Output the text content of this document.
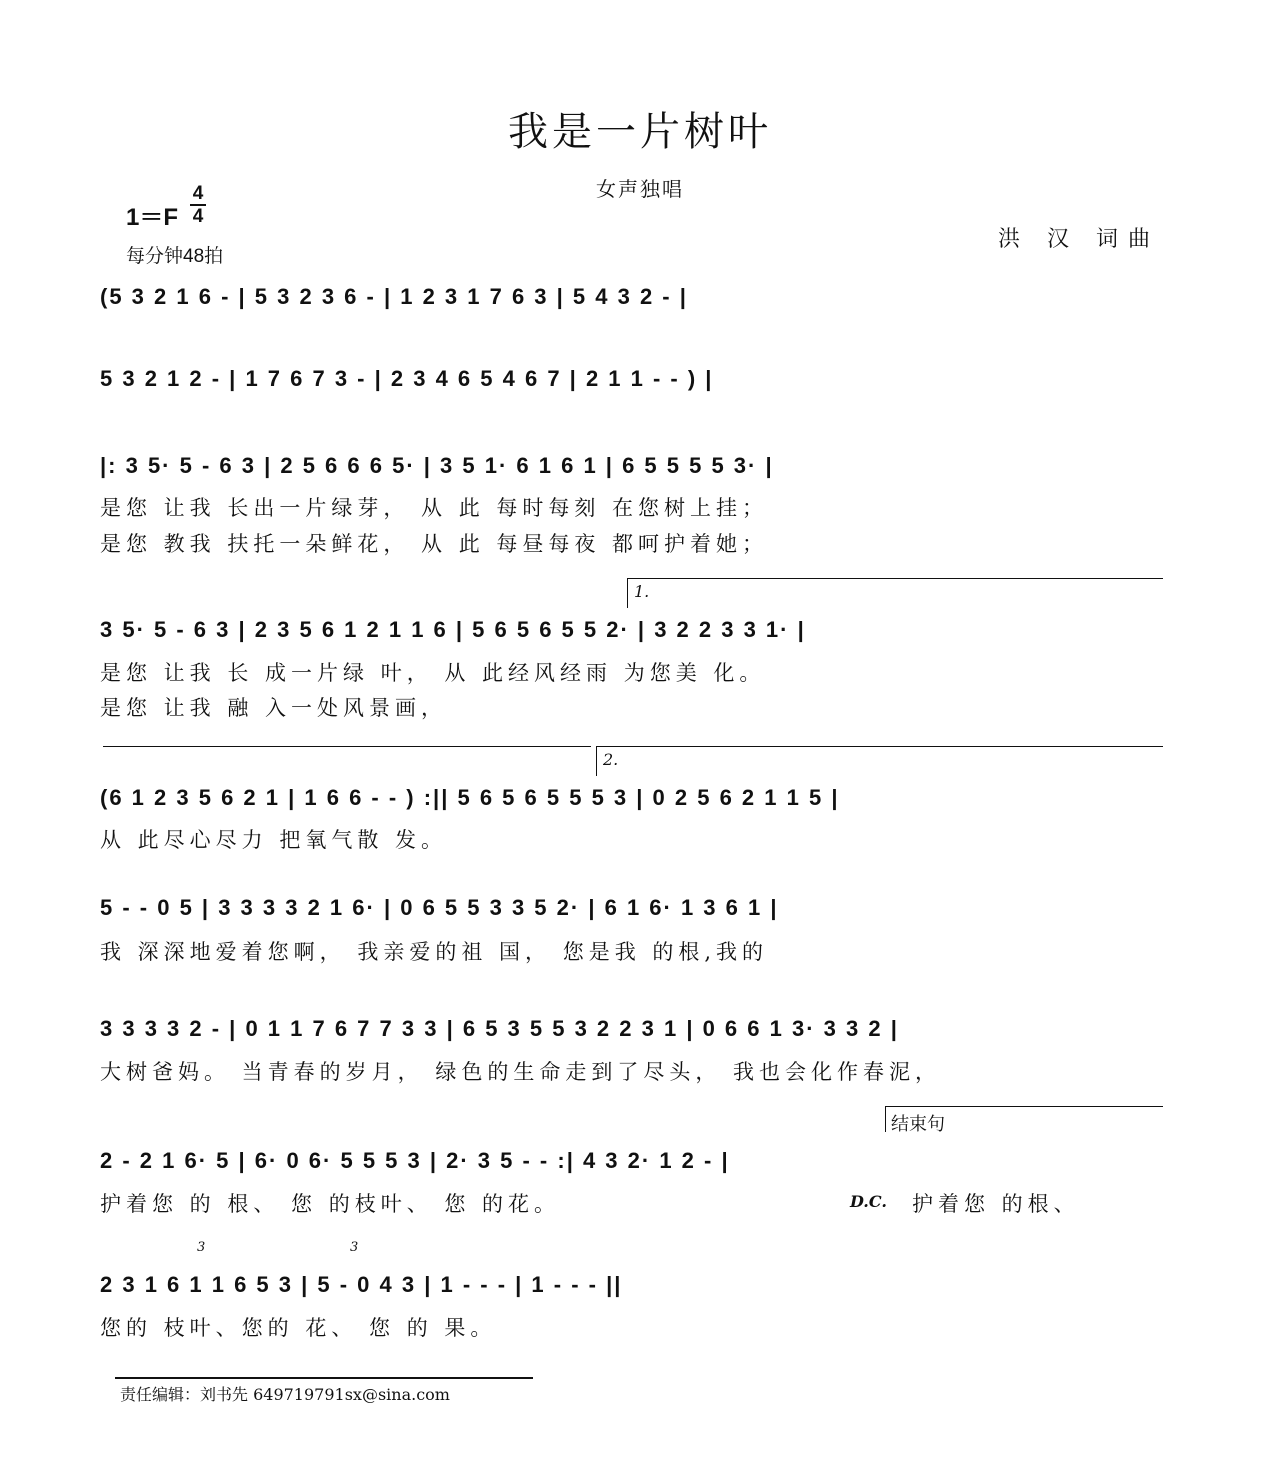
我是一片树叶
女声独唱
1＝F
4
4
每分钟48拍
洪 汉 词曲
(5 3 2 1 6 - | 5 3 2 3 6 - | 1 2 3 1 7 6 3 | 5 4 3 2 - |
5 3 2 1 2 - | 1 7 6 7 3 - | 2 3 4 6 5 4 6 7 | 2 1 1 - - ) |
|: 3 5· 5 - 6 3 | 2 5 6 6 6 5· | 3 5 1· 6 1 6 1 | 6 5 5 5 5 3· |
是您 让我 长出一片绿芽， 从 此 每时每刻 在您树上挂；
是您 教我 扶托一朵鲜花， 从 此 每昼每夜 都呵护着她；
1.
3 5· 5 - 6 3 | 2 3 5 6 1 2 1 1 6 | 5 6 5 6 5 5 2· | 3 2 2 3 3 1· |
是您 让我 长 成一片绿 叶， 从 此经风经雨 为您美 化。
是您 让我 融 入一处风景画，
2.
(6 1 2 3 5 6 2 1 | 1 6 6 - - ) :|| 5 6 5 6 5 5 5 3 | 0 2 5 6 2 1 1 5 |
从 此尽心尽力 把氧气散 发。
5 - - 0 5 | 3 3 3 3 2 1 6· | 0 6 5 5 3 3 5 2· | 6 1 6· 1 3 6 1 |
我 深深地爱着您啊， 我亲爱的祖 国， 您是我 的根,我的
3 3 3 3 2 - | 0 1 1 7 6 7 7 3 3 | 6 5 3 5 5 3 2 2 3 1 | 0 6 6 1 3· 3 3 2 |
大树爸妈。 当青春的岁月， 绿色的生命走到了尽头， 我也会化作春泥，
结束句
2 - 2 1 6· 5 | 6· 0 6· 5 5 5 3 | 2· 3 5 - - :| 4 3 2· 1 2 - |
护着您 的 根、 您 的枝叶、 您 的花。	D.C. 护着您 的根、
3	3
2 3 1 6 1 1 6 5 3 | 5 - 0 4 3 | 1 - - - | 1 - - - ||
您的 枝叶、您的 花、 您 的 果。
责任编辑：刘书先 649719791sx@sina.com
